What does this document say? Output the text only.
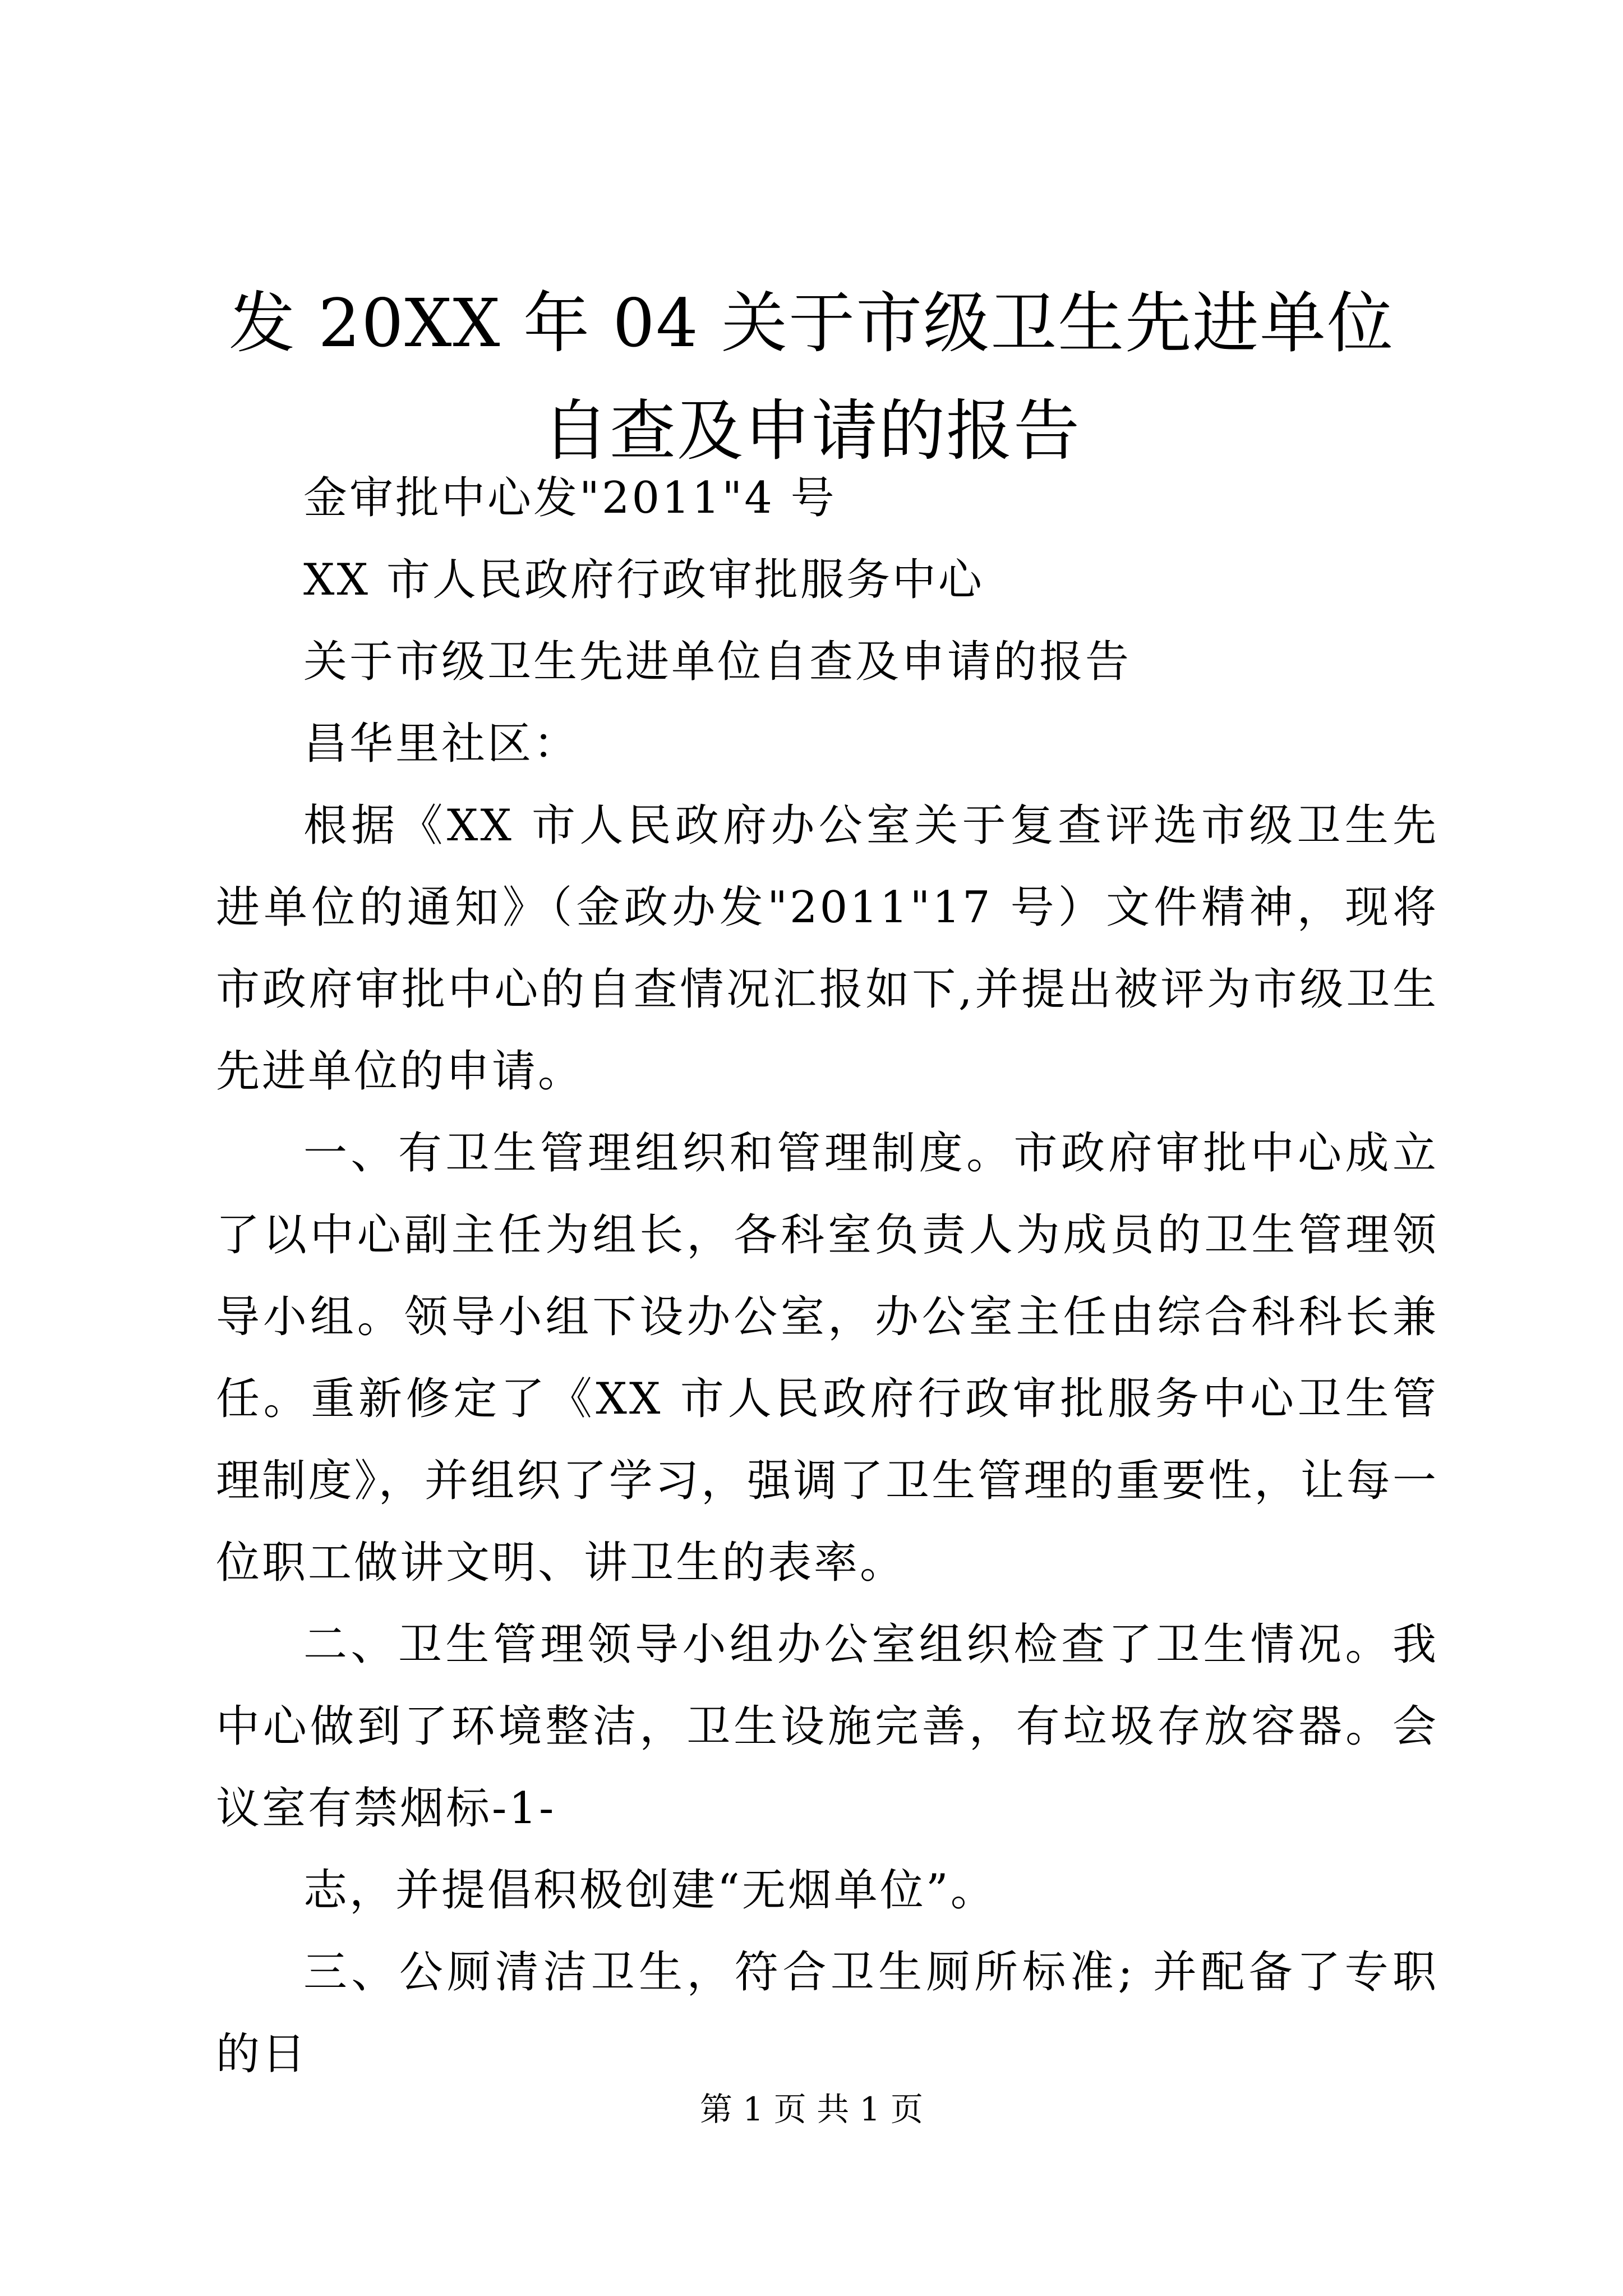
发 20XX 年 04 关于市级卫生先进单位自查及申请的报告

金审批中心发"2011"4 号

XX 市人民政府行政审批服务中心

关于市级卫生先进单位自查及申请的报告

昌华里社区：

根据《XX 市人民政府办公室关于复查评选市级卫生先进单位的通知》（金政办发"2011"17 号）文件精神，现将市政府审批中心的自查情况汇报如下,并提出被评为市级卫生先进单位的申请。

一、有卫生管理组织和管理制度。市政府审批中心成立了以中心副主任为组长，各科室负责人为成员的卫生管理领导小组。领导小组下设办公室，办公室主任由综合科科长兼任。重新修定了《XX 市人民政府行政审批服务中心卫生管理制度》，并组织了学习，强调了卫生管理的重要性，让每一位职工做讲文明、讲卫生的表率。

二、卫生管理领导小组办公室组织检查了卫生情况。我中心做到了环境整洁，卫生设施完善，有垃圾存放容器。会议室有禁烟标-1-

志，并提倡积极创建“无烟单位”。

三、公厕清洁卫生，符合卫生厕所标准; 并配备了专职的日

第 1 页 共 1 页
